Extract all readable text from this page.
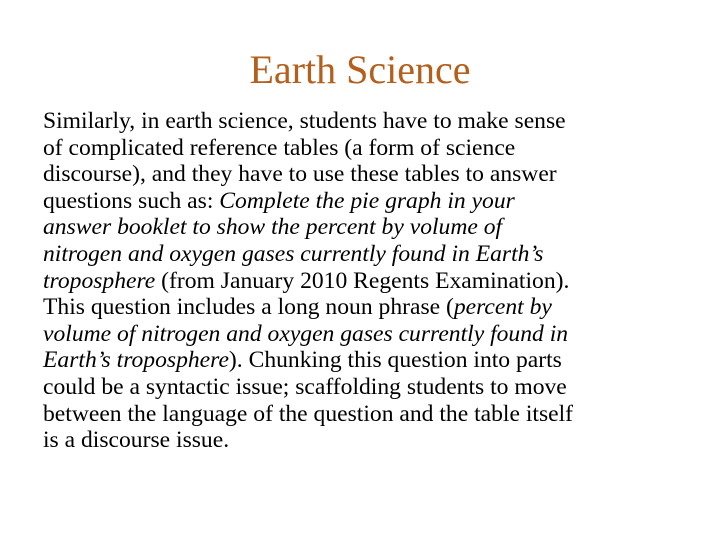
Earth Science
Similarly, in earth science, students have to make sense
of complicated reference tables (a form of science
discourse), and they have to use these tables to answer
questions such as: Complete the pie graph in your
answer booklet to show the percent by volume of
nitrogen and oxygen gases currently found in Earth’s
troposphere (from January 2010 Regents Examination).
This question includes a long noun phrase (percent by
volume of nitrogen and oxygen gases currently found in
Earth’s troposphere). Chunking this question into parts
could be a syntactic issue; scaffolding students to move
between the language of the question and the table itself
is a discourse issue.
